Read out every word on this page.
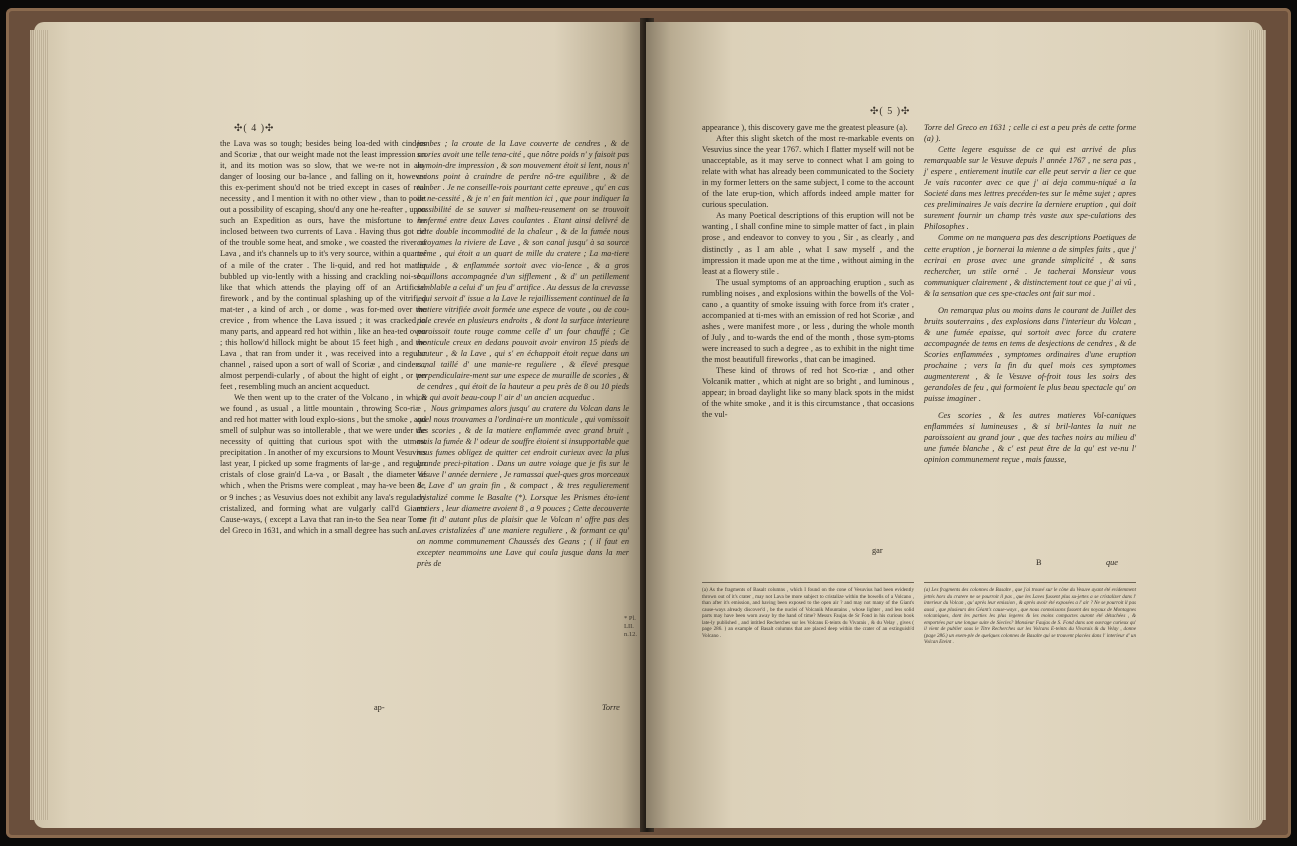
✣( 4 )✣

the Lava was so tough; besides being loa-ded with cinders and Scoriæ , that our weight made not the least impression on it, and its motion was so slow, that we we-re not in any danger of loosing our ba-lance , and falling on it, however this ex-periment shou'd not be tried except in cases of real necessity , and I mention it with no other view , than to point out a possibility of escaping, shou'd any one he-reafter , upon such an Expedition as ours, have the misfortune to be inclosed between two currents of Lava . Having thus got rid of the trouble some heat, and smoke , we coasted the river of Lava , and it's channels up to it's very source, within a quarter of a mile of the crater . The li-quid, and red hot matter bubbled up vio-lently with a hissing and crackling noi-se , like that which attends the playing off of an Artificial firework , and by the continual splashing up of the vitrified mat-ter , a kind of arch , or dome , was for-med over the crevice , from whence the Lava issued ; it was cracked in many parts, and appeard red hot within , like an hea-ted oven ; this hollow'd hillock might be about 15 feet high , and the Lava , that ran from under it , was received into a regular channel , raised upon a sort of wall of Scoriæ , and cinders , almost perpendi-cularly , of about the hight of eight , or ten feet , resembling much an ancient acqueduct.

We then went up to the crater of the Volcano , in which we found , as usual , a little mountain , throwing Sco-riæ , and red hot matter with loud explo-sions , but the smoke , and smell of sulphur was so intollerable , that we were under the necessity of quitting that curious spot with the utmost precipitation . In another of my excursions to Mount Vesuvius last year, I picked up some fragments of lar-ge , and regular cristals of close grain'd La-va , or Basalt , the diameter of which , when the Prisms were compleat , may ha-ve been 8 , or 9 inches ; as Vesuvius does not exhibit any lava's regularly cristalized, and forming what are vulgarly call'd Giants Cause-ways, ( except a Lava that ran in-to the Sea near Torre del Greco in 1631, and which in a small degree has such an

ap-

jambes ; la croute de la Lave couverte de cendres , & de scories avoit une telle tena-cité , que nôtre poids n' y faisoit pas la moin-dre impression , & son mouvement étoit si lent, nous n' avions point à craindre de perdre nô-tre equilibre , & de tomber . Je ne conseille-rois pourtant cette epreuve , qu' en cas de ne-cessité , & je n' en fait mention ici , que pour indiquer la possibilité de se sauver si malheu-reusement on se trouvoit renfermé entre deux Laves coulantes . Etant ainsi delivré de cette double incommodité de la chaleur , & de la fumée nous cotoyames la riviere de Lave , & son canal jusqu' à sa source même , qui étoit a un quart de mille du cratere ; La ma-tiere liquide , & enflammée sortoit avec vio-lence , & a gros bouillons accompagnée d'un sifflement , & d' un petillement semblable a celui d' un feu d' artifice . Au dessus de la crevasse , qui servoit d' issue a la Lave le rejaillissement continuel de la matiere vitrifiée avoit formée une espece de voute , ou de cou-pole crevée en plusieurs endroits , & dont la surface interieure paroissoit toute rouge comme celle d' un four chauffé ; Ce monticule creux en dedans pouvoit avoir environ 15 pieds de hauteur , & la Lave , qui s' en échappoit étoit reçue dans un canal taillé d' une manie-re reguliere , & élevé presque perpendiculaire-ment sur une espece de muraille de scories , & de cendres , qui étoit de la hauteur a peu près de 8 ou 10 pieds , & qui avoit beau-coup l' air d' un ancien acqueduc .

Nous grimpames alors jusqu' au cratere du Volcan dans le quel nous trouvames a l'ordinai-re un monticule , qui vomissoit des scories , & de la matiere enflammée avec grand bruit , mais la fumée & l' odeur de souffre étoient si insupportable que nous fumes obligez de quitter cet endroit curieux avec la plus grande preci-pitation . Dans un autre voiage que je fis sur le Vesuve l' année derniere , Je ramassai quel-ques gros morceaux de Lave d' un grain fin , & compact , & tres regulierement cristalizé comme le Basalte (*). Lorsque les Prismes éto-ient entiers , leur diametre avoient 8 , a 9 pouces ; Cette decouverte me fit d' autant plus de plaisir que le Volcan n' offre pas des Laves cristalizées d' une maniere reguliere , & formant ce qu' on nomme communement Chaussés des Geans ; ( il faut en excepter neammoins une Lave qui coula jusque dans la mer près de

Torre
* Pl. LII. n.12.
✣( 5 )✣

appearance ), this discovery gave me the greatest pleasure (a).

After this slight sketch of the most re-markable events on Vesuvius since the year 1767. which I flatter myself will not be unacceptable, as it may serve to connect what I am going to relate with what has already been communicated to the Society in my former letters on the same subject, I come to the account of the late erup-tion, which affords indeed ample matter for curious speculation.

As many Poetical descriptions of this eruption will not be wanting , I shall confine mine to simple matter of fact , in plain prose , and endeavor to convey to you , Sir , as clearly , and distinctly , as I am able , what I saw myself , and the impression it made upon me at the time , without aiming in the least at a flowery stile .

The usual symptoms of an approaching eruption , such as rumbling noises , and explosions within the bowells of the Vol-cano , a quantity of smoke issuing with force from it's crater , accompanied at ti-mes with an emission of red hot Scoriæ , and ashes , were manifest more , or less , during the whole month of July , and to-wards the end of the month , those sym-ptoms were increased to such a degree , as to exhibit in the night time the most beautifull fireworks , that can be imagined.

These kind of throws of red hot Sco-riæ , and other Volcanik matter , which at night are so bright , and luminous , appear; in broad daylight like so many black spots in the midst of the white smoke , and it is this circumstance , that occasions the vul-

gar

Torre del Greco en 1631 ; celle ci est a peu près de cette forme (a) ).

Cette legere esquisse de ce qui est arrivé de plus remarquable sur le Vesuve depuis l' année 1767 , ne sera pas , j' espere , entierement inutile car elle peut servir a lier ce que Je vais raconter avec ce que j' ai deja commu-niqué a la Societé dans mes lettres precéden-tes sur le même sujet ; apres ces preliminaires Je vais decrire la derniere eruption , qui doit surement fournir un champ très vaste aux spe-culations des Philosophes .

Comme on ne manquera pas des descriptions Poetiques de cette eruption , je bornerai la mienne a de simples faits , que j' ecrirai en prose avec une grande simplicité , & sans rechercher, un stile orné . Je tacherai Monsieur vous communiquer clairement , & distinctement tout ce que j' ai vû , & la sensation que ces spe-ctacles ont fait sur moi .

On remarqua plus ou moins dans le courant de Juillet des bruits souterrains , des explosions dans l'interieur du Volcan , & une fumée epaisse, qui sortoit avec force du cratere accompagnée de tems en tems de desjections de cendres , & de Scories enflammées , symptomes ordinaires d'une eruption prochaine ; vers la fin du quel mois ces symptomes augmenterent , & le Vesuve of-froit tous les soirs des gerandoles de feu , qui formoient le plus beau spectacle qu' on puisse imaginer .

Ces scories , & les autres matieres Vol-caniques enflammées si lumineuses , & si bril-lantes la nuit ne paroissoient au grand jour , que des taches noirs au milieu d' une fumée blanche , & c' est peut être de la qu' est ve-nu l' opinion communement reçue , mais fausse,

B	que
(a) As the fragments of Basalt columns , which I found on the cone of Vesuvius had been evidently thrown out of it's crater , may not Lava be more subject to cristalize within the bowells of a Volcano , than after it's emission, and having been exposed to the open air ? and may not many of the Giant's cause-ways already discover'd , be the nuclei of Volcanik Mountains , whose lighter , and less solid parts may have been worn away by the hand of time? Messrs Faujas de Sr Fond in his curious book late-ly published , and intitled Recherches sur les Volcans E-teints du Vivarais , & du Velay , gives ( page 286. ) an example of Basalt columns that are placed deep within the crater of an extinguish'd Volcano .
(a) Les fragments des colonnes de Basalte , que j'ai trouvé sur le cône du Vesuve ayant été evidemment jettés hors du cratere ne se pourroit il pas , que les Laves fussent plus su-jettes a se cristalizer dans l' interieur du Volcan , qu' après leur emission , & après avoir été exposées a l' air ? Ne se pourroit il pas aussi , que plusieurs des Géant's cause-ways , que nous connoissons fussent des noyaux de Montagnes volcaniques, dont les parties les plus legeres & les moins compactes auront été détachées , & emportées par une longue suite de Siecles? Monsieur Faujas de S. Fond dans son ouvrage curieux qu' il vient de publier sous le Titre Recherches sur les Volcans E-teints du Vivarais & du Velay , donne (page 286.) un exem-ple de quelques colonnes de Basalte qui se trouvent placées dans l' interieur d' un Volcan Eteint .
